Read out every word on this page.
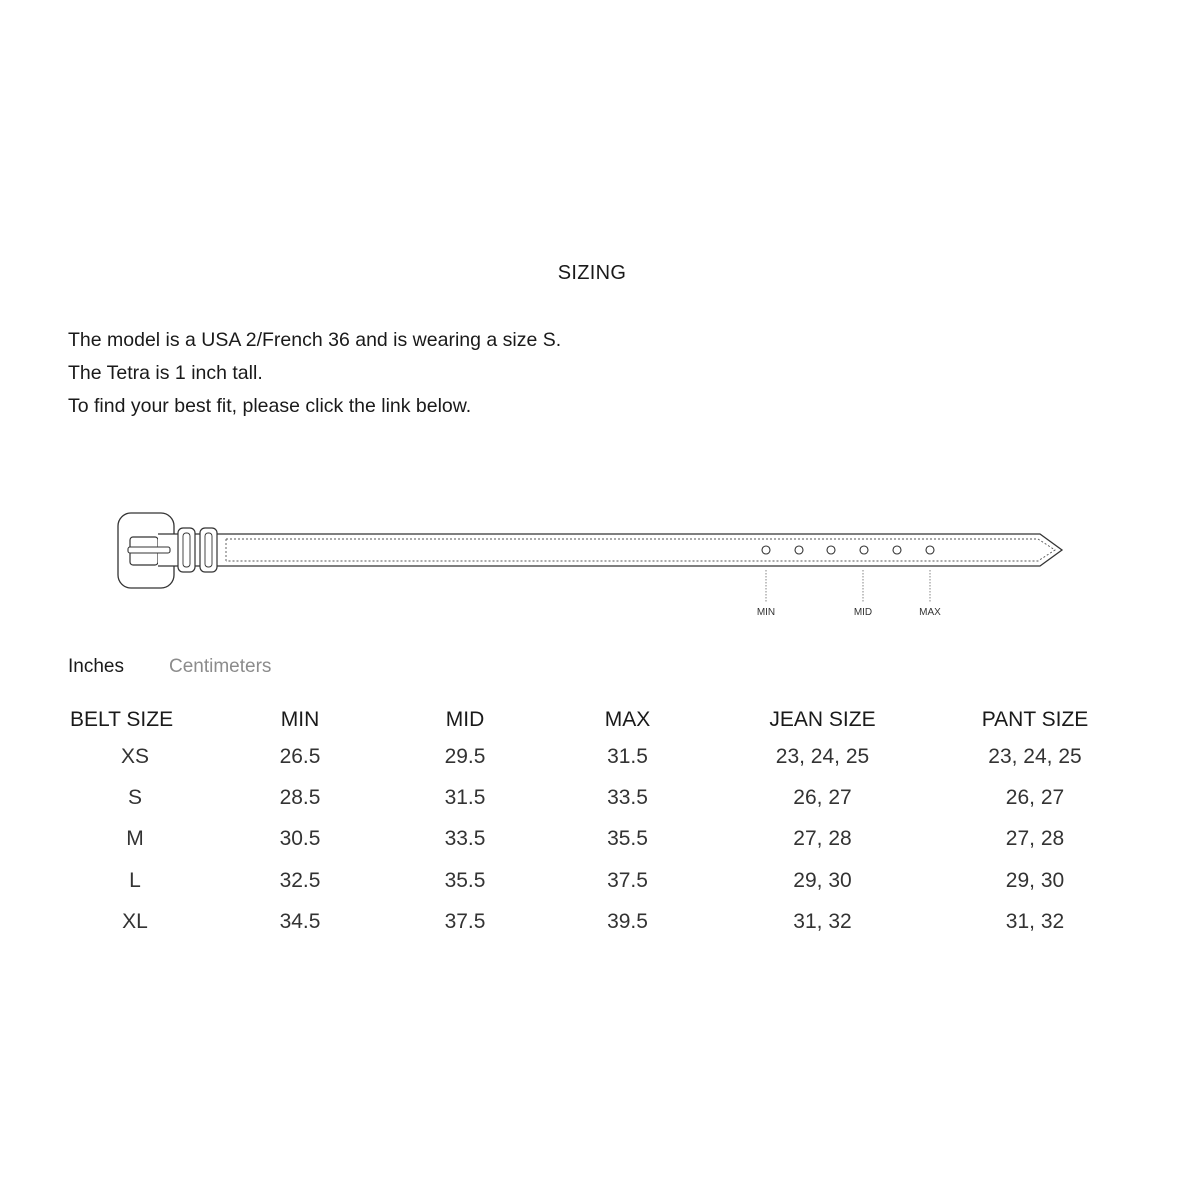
SIZING

The model is a USA 2/French 36 and is wearing a size S.

The Tetra is 1 inch tall.

To find your best fit, please click the link below.

MIN	MID	MAX
Inches Centimeters
BELT SIZE	MIN	MID	MAX	JEAN SIZE	PANT SIZE
XS	26.5	29.5	31.5	23, 24, 25	23, 24, 25
S	28.5	31.5	33.5	26, 27	26, 27
M	30.5	33.5	35.5	27, 28	27, 28
L	32.5	35.5	37.5	29, 30	29, 30
XL	34.5	37.5	39.5	31, 32	31, 32
